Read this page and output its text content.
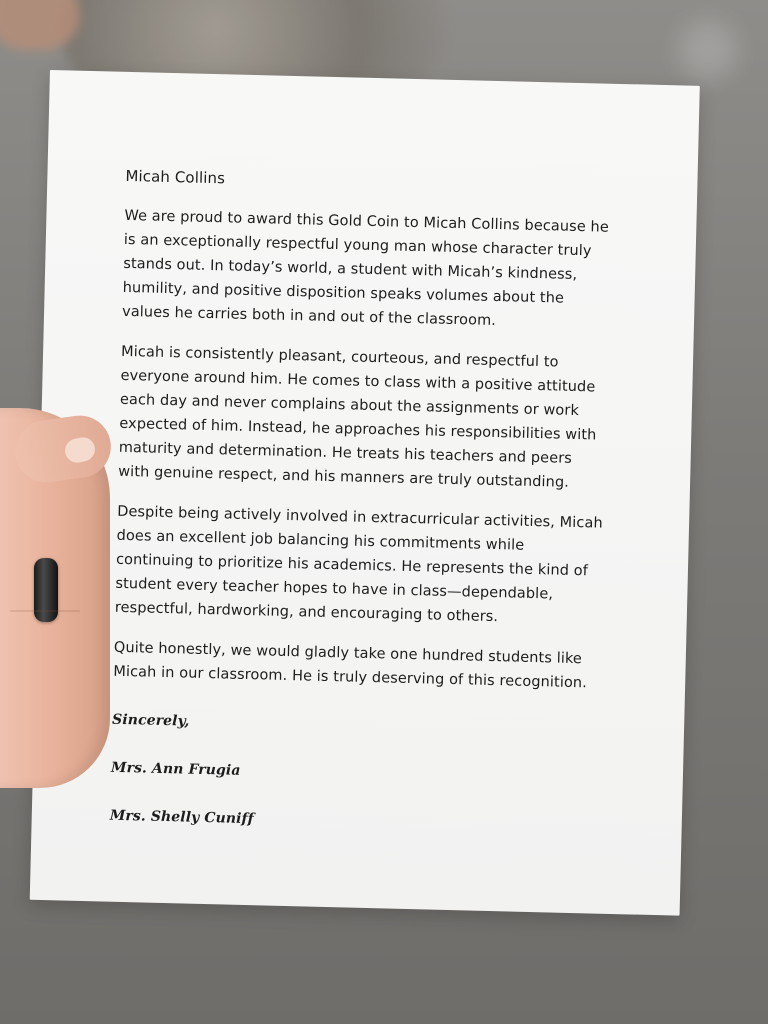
Micah Collins
We are proud to award this Gold Coin to Micah Collins because he is an exceptionally respectful young man whose character truly stands out. In today’s world, a student with Micah’s kindness, humility, and positive disposition speaks volumes about the values he carries both in and out of the classroom.
Micah is consistently pleasant, courteous, and respectful to everyone around him. He comes to class with a positive attitude each day and never complains about the assignments or work expected of him. Instead, he approaches his responsibilities with maturity and determination. He treats his teachers and peers with genuine respect, and his manners are truly outstanding.
Despite being actively involved in extracurricular activities, Micah does an excellent job balancing his commitments while continuing to prioritize his academics. He represents the kind of student every teacher hopes to have in class—dependable, respectful, hardworking, and encouraging to others.
Quite honestly, we would gladly take one hundred students like Micah in our classroom. He is truly deserving of this recognition.
Sincerely,
Mrs. Ann Frugia
Mrs. Shelly Cuniff
